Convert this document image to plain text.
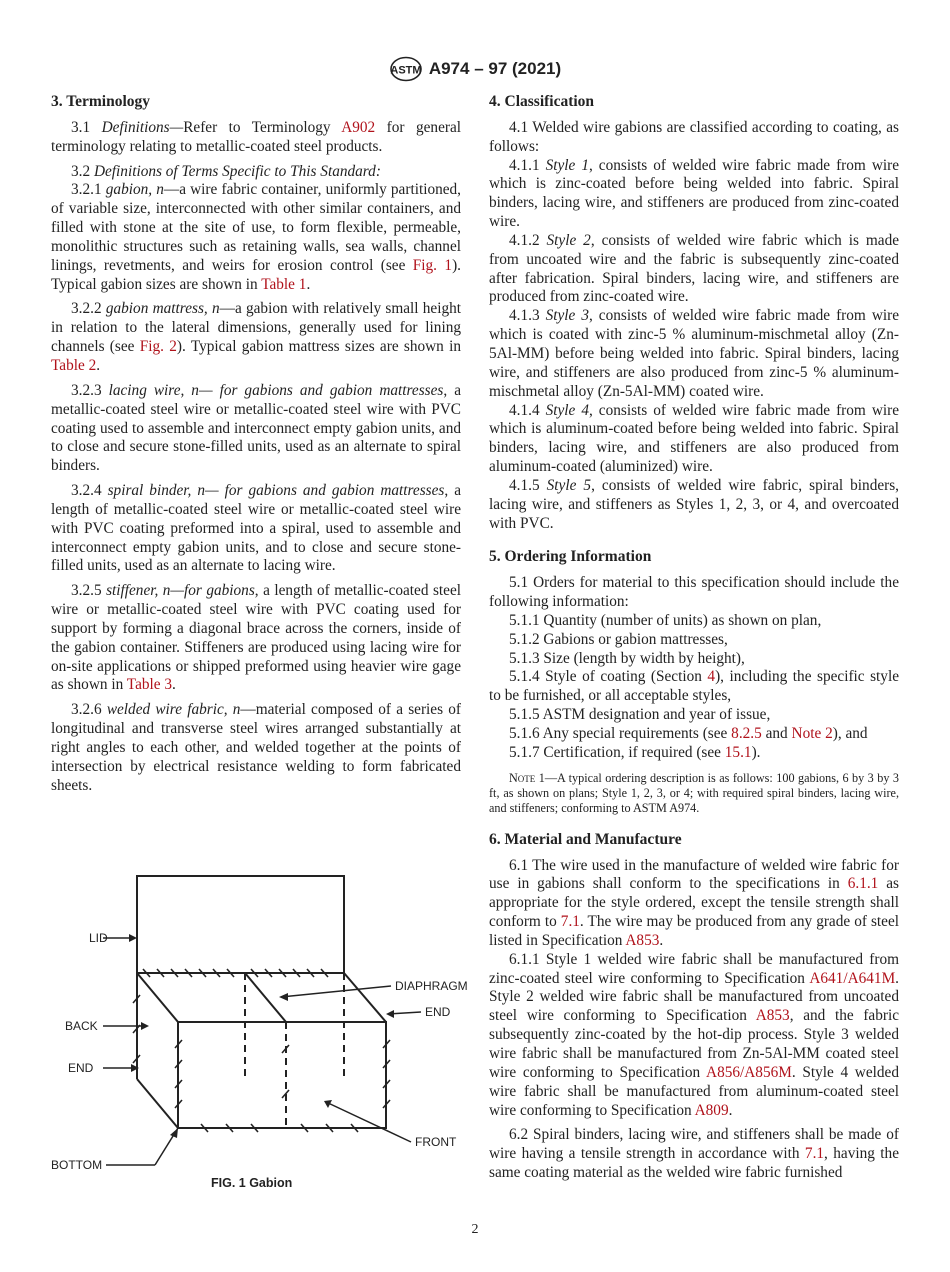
ASTM A974 – 97 (2021)
3. Terminology

3.1 Definitions—Refer to Terminology A902 for general terminology relating to metallic-coated steel products.

3.2 Definitions of Terms Specific to This Standard:

3.2.1 gabion, n—a wire fabric container, uniformly partitioned, of variable size, interconnected with other similar containers, and filled with stone at the site of use, to form flexible, permeable, monolithic structures such as retaining walls, sea walls, channel linings, revetments, and weirs for erosion control (see Fig. 1). Typical gabion sizes are shown in Table 1.

3.2.2 gabion mattress, n—a gabion with relatively small height in relation to the lateral dimensions, generally used for lining channels (see Fig. 2). Typical gabion mattress sizes are shown in Table 2.

3.2.3 lacing wire, n— for gabions and gabion mattresses, a metallic-coated steel wire or metallic-coated steel wire with PVC coating used to assemble and interconnect empty gabion units, and to close and secure stone-filled units, used as an alternate to spiral binders.

3.2.4 spiral binder, n— for gabions and gabion mattresses, a length of metallic-coated steel wire or metallic-coated steel wire with PVC coating preformed into a spiral, used to assemble and interconnect empty gabion units, and to close and secure stone-filled units, used as an alternate to lacing wire.

3.2.5 stiffener, n—for gabions, a length of metallic-coated steel wire or metallic-coated steel wire with PVC coating used for support by forming a diagonal brace across the corners, inside of the gabion container. Stiffeners are produced using lacing wire for on-site applications or shipped preformed using heavier wire gage as shown in Table 3.

3.2.6 welded wire fabric, n—material composed of a series of longitudinal and transverse steel wires arranged substantially at right angles to each other, and welded together at the points of intersection by electrical resistance welding to form fabricated sheets.

LID
DIAPHRAGM
END
BACK
END
FRONT
BOTTOM
FIG. 1 Gabion
4. Classification

4.1 Welded wire gabions are classified according to coating, as follows:

4.1.1 Style 1, consists of welded wire fabric made from wire which is zinc-coated before being welded into fabric. Spiral binders, lacing wire, and stiffeners are produced from zinc-coated wire.

4.1.2 Style 2, consists of welded wire fabric which is made from uncoated wire and the fabric is subsequently zinc-coated after fabrication. Spiral binders, lacing wire, and stiffeners are produced from zinc-coated wire.

4.1.3 Style 3, consists of welded wire fabric made from wire which is coated with zinc-5 % aluminum-mischmetal alloy (Zn-5Al-MM) before being welded into fabric. Spiral binders, lacing wire, and stiffeners are also produced from zinc-5 % aluminum-mischmetal alloy (Zn-5Al-MM) coated wire.

4.1.4 Style 4, consists of welded wire fabric made from wire which is aluminum-coated before being welded into fabric. Spiral binders, lacing wire, and stiffeners are also produced from aluminum-coated (aluminized) wire.

4.1.5 Style 5, consists of welded wire fabric, spiral binders, lacing wire, and stiffeners as Styles 1, 2, 3, or 4, and overcoated with PVC.

5. Ordering Information

5.1 Orders for material to this specification should include the following information:

5.1.1 Quantity (number of units) as shown on plan,

5.1.2 Gabions or gabion mattresses,

5.1.3 Size (length by width by height),

5.1.4 Style of coating (Section 4), including the specific style to be furnished, or all acceptable styles,

5.1.5 ASTM designation and year of issue,

5.1.6 Any special requirements (see 8.2.5 and Note 2), and

5.1.7 Certification, if required (see 15.1).

Note 1—A typical ordering description is as follows: 100 gabions, 6 by 3 by 3 ft, as shown on plans; Style 1, 2, 3, or 4; with required spiral binders, lacing wire, and stiffeners; conforming to ASTM A974.

6. Material and Manufacture

6.1 The wire used in the manufacture of welded wire fabric for use in gabions shall conform to the specifications in 6.1.1 as appropriate for the style ordered, except the tensile strength shall conform to 7.1. The wire may be produced from any grade of steel listed in Specification A853.

6.1.1 Style 1 welded wire fabric shall be manufactured from zinc-coated steel wire conforming to Specification A641/A641M. Style 2 welded wire fabric shall be manufactured from uncoated steel wire conforming to Specification A853, and the fabric subsequently zinc-coated by the hot-dip process. Style 3 welded wire fabric shall be manufactured from Zn-5Al-MM coated steel wire conforming to Specification A856/A856M. Style 4 welded wire fabric shall be manufactured from aluminum-coated steel wire conforming to Specification A809.

6.2 Spiral binders, lacing wire, and stiffeners shall be made of wire having a tensile strength in accordance with 7.1, having the same coating material as the welded wire fabric furnished

2
